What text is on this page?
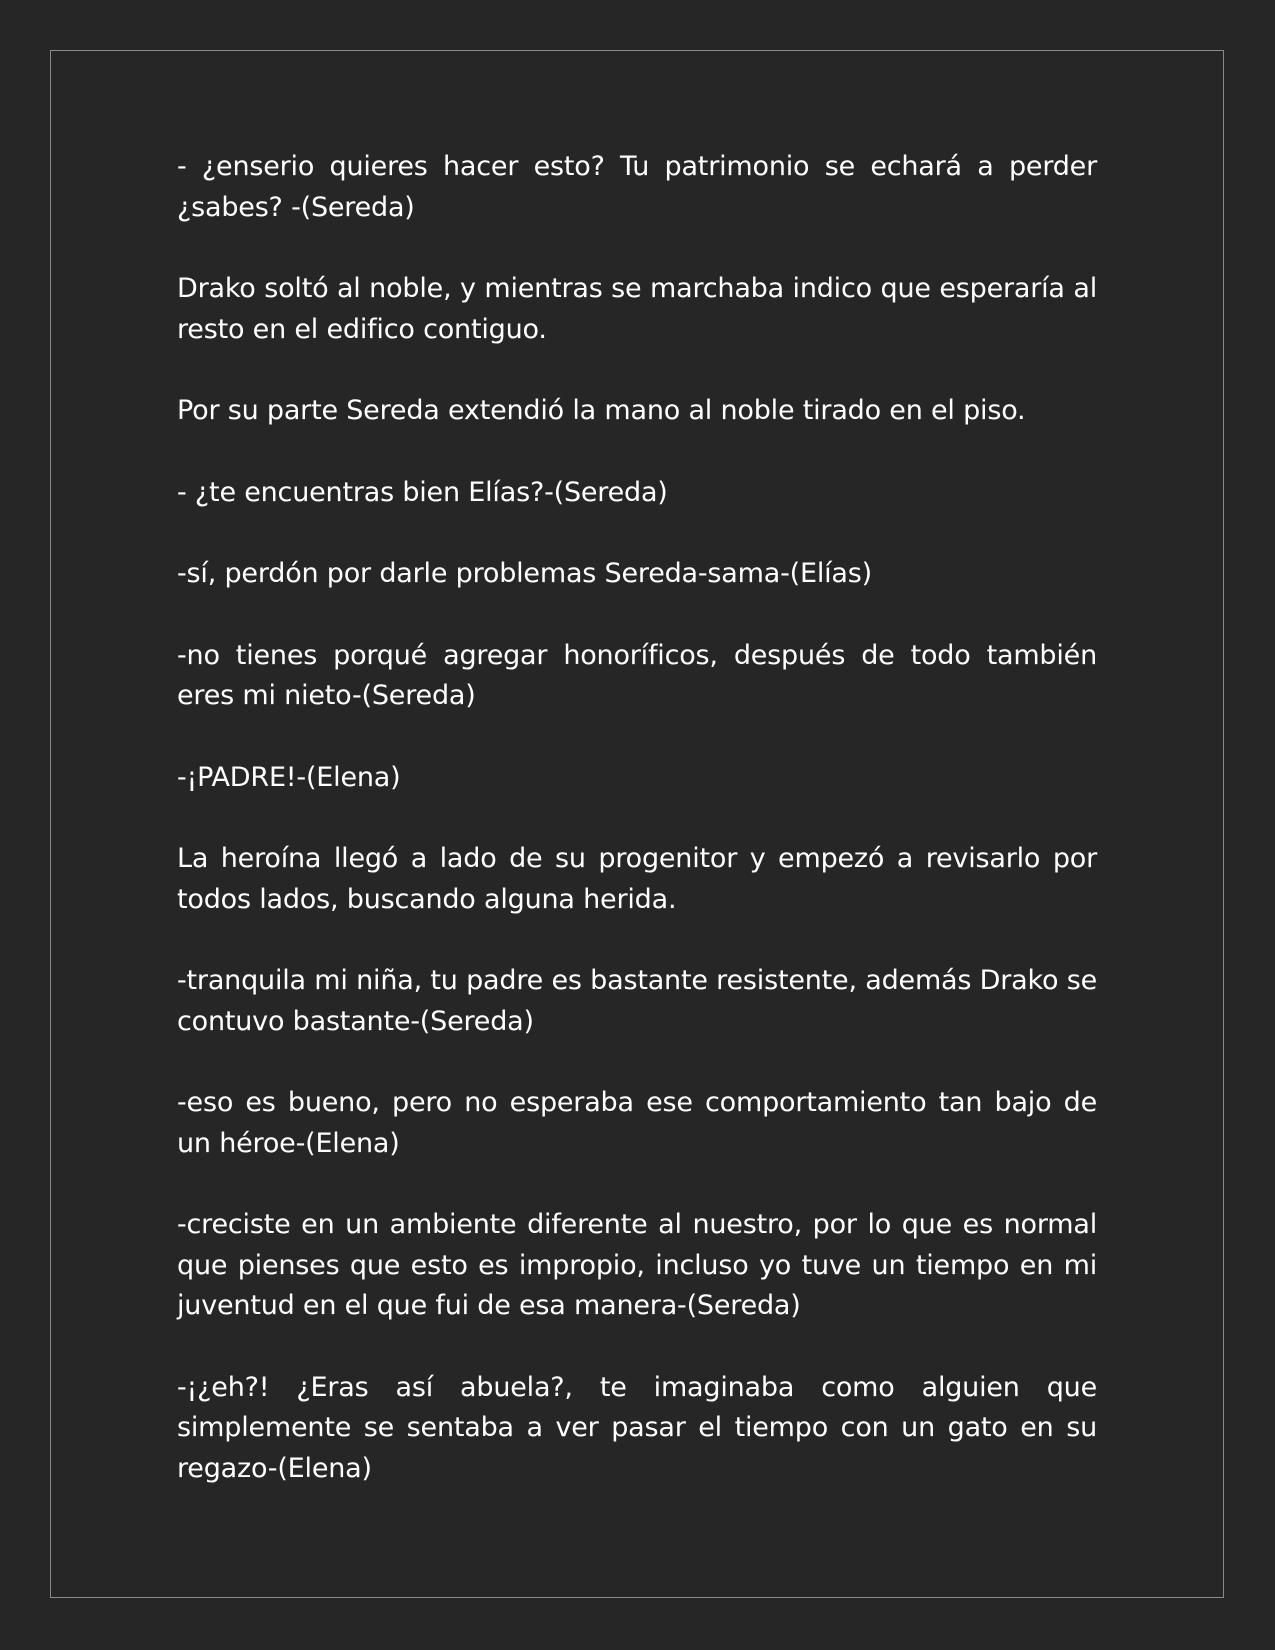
- ¿enserio quieres hacer esto? Tu patrimonio se echará a perder ¿sabes? -(Sereda)

Drako soltó al noble, y mientras se marchaba indico que esperaría al resto en el edifico contiguo.

Por su parte Sereda extendió la mano al noble tirado en el piso.

- ¿te encuentras bien Elías?-(Sereda)

-sí, perdón por darle problemas Sereda-sama-(Elías)

-no tienes porqué agregar honoríficos, después de todo también eres mi nieto-(Sereda)

-¡PADRE!-(Elena)

La heroína llegó a lado de su progenitor y empezó a revisarlo por todos lados, buscando alguna herida.

-tranquila mi niña, tu padre es bastante resistente, además Drako se contuvo bastante-(Sereda)

-eso es bueno, pero no esperaba ese comportamiento tan bajo de un héroe-(Elena)

-creciste en un ambiente diferente al nuestro, por lo que es normal que pienses que esto es impropio, incluso yo tuve un tiempo en mi juventud en el que fui de esa manera-(Sereda)

-¡¿eh?! ¿Eras así abuela?, te imaginaba como alguien que simplemente se sentaba a ver pasar el tiempo con un gato en su regazo-(Elena)
